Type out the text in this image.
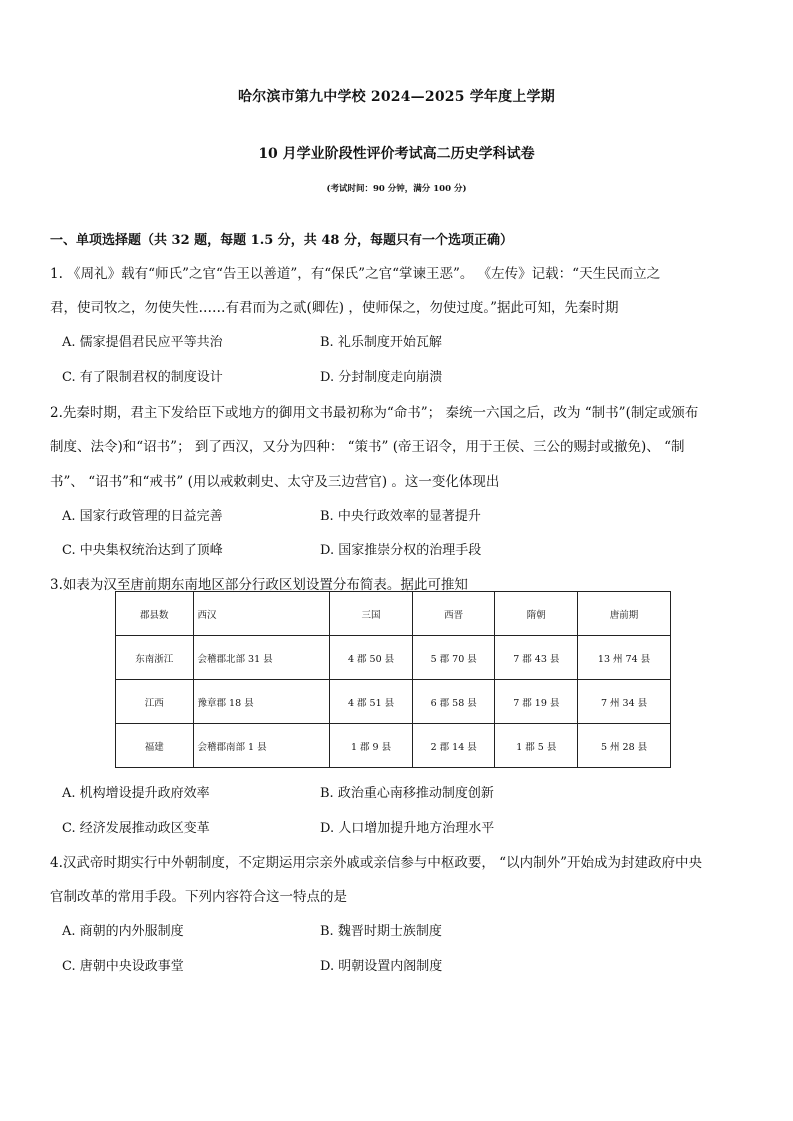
哈尔滨市第九中学校 2024—2025 学年度上学期
10 月学业阶段性评价考试高二历史学科试卷
(考试时间：90 分钟，满分 100 分)
一、单项选择题（共 32 题，每题 1.5 分，共 48 分，每题只有一个选项正确）
1. 《周礼》载有“师氏”之官“告王以善道”，有“保氏”之官“掌谏王恶”。 《左传》记载：“天生民而立之
君，使司牧之，勿使失性……有君而为之贰(卿佐) ，使师保之，勿使过度。”据此可知，先秦时期
A. 儒家提倡君民应平等共治	B. 礼乐制度开始瓦解
C. 有了限制君权的制度设计	D. 分封制度走向崩溃
2.先秦时期，君主下发给臣下或地方的御用文书最初称为“命书”； 秦统一六国之后，改为 “制书”(制定或颁布
制度、法令)和“诏书”； 到了西汉，又分为四种： “策书” (帝王诏令，用于王侯、三公的赐封或撤免)、 “制
书”、 “诏书”和“戒书” (用以戒敕刺史、太守及三边营官) 。这一变化体现出
A. 国家行政管理的日益完善	B. 中央行政效率的显著提升
C. 中央集权统治达到了顶峰	D. 国家推崇分权的治理手段
3.如表为汉至唐前期东南地区部分行政区划设置分布简表。据此可推知
郡县数	西汉	三国	西晋	隋朝	唐前期
东南浙江	会稽郡北部 31 县	4 郡 50 县	5 郡 70 县	7 郡 43 县	13 州 74 县
江西	豫章郡 18 县	4 郡 51 县	6 郡 58 县	7 郡 19 县	7 州 34 县
福建	会稽郡南部 1 县	1 郡 9 县	2 郡 14 县	1 郡 5 县	5 州 28 县
A. 机构增设提升政府效率	B. 政治重心南移推动制度创新
C. 经济发展推动政区变革	D. 人口增加提升地方治理水平
4.汉武帝时期实行中外朝制度，不定期运用宗亲外戚或亲信参与中枢政要， “以内制外”开始成为封建政府中央
官制改革的常用手段。下列内容符合这一特点的是
A. 商朝的内外服制度	B. 魏晋时期士族制度
C. 唐朝中央设政事堂	D. 明朝设置内阁制度
